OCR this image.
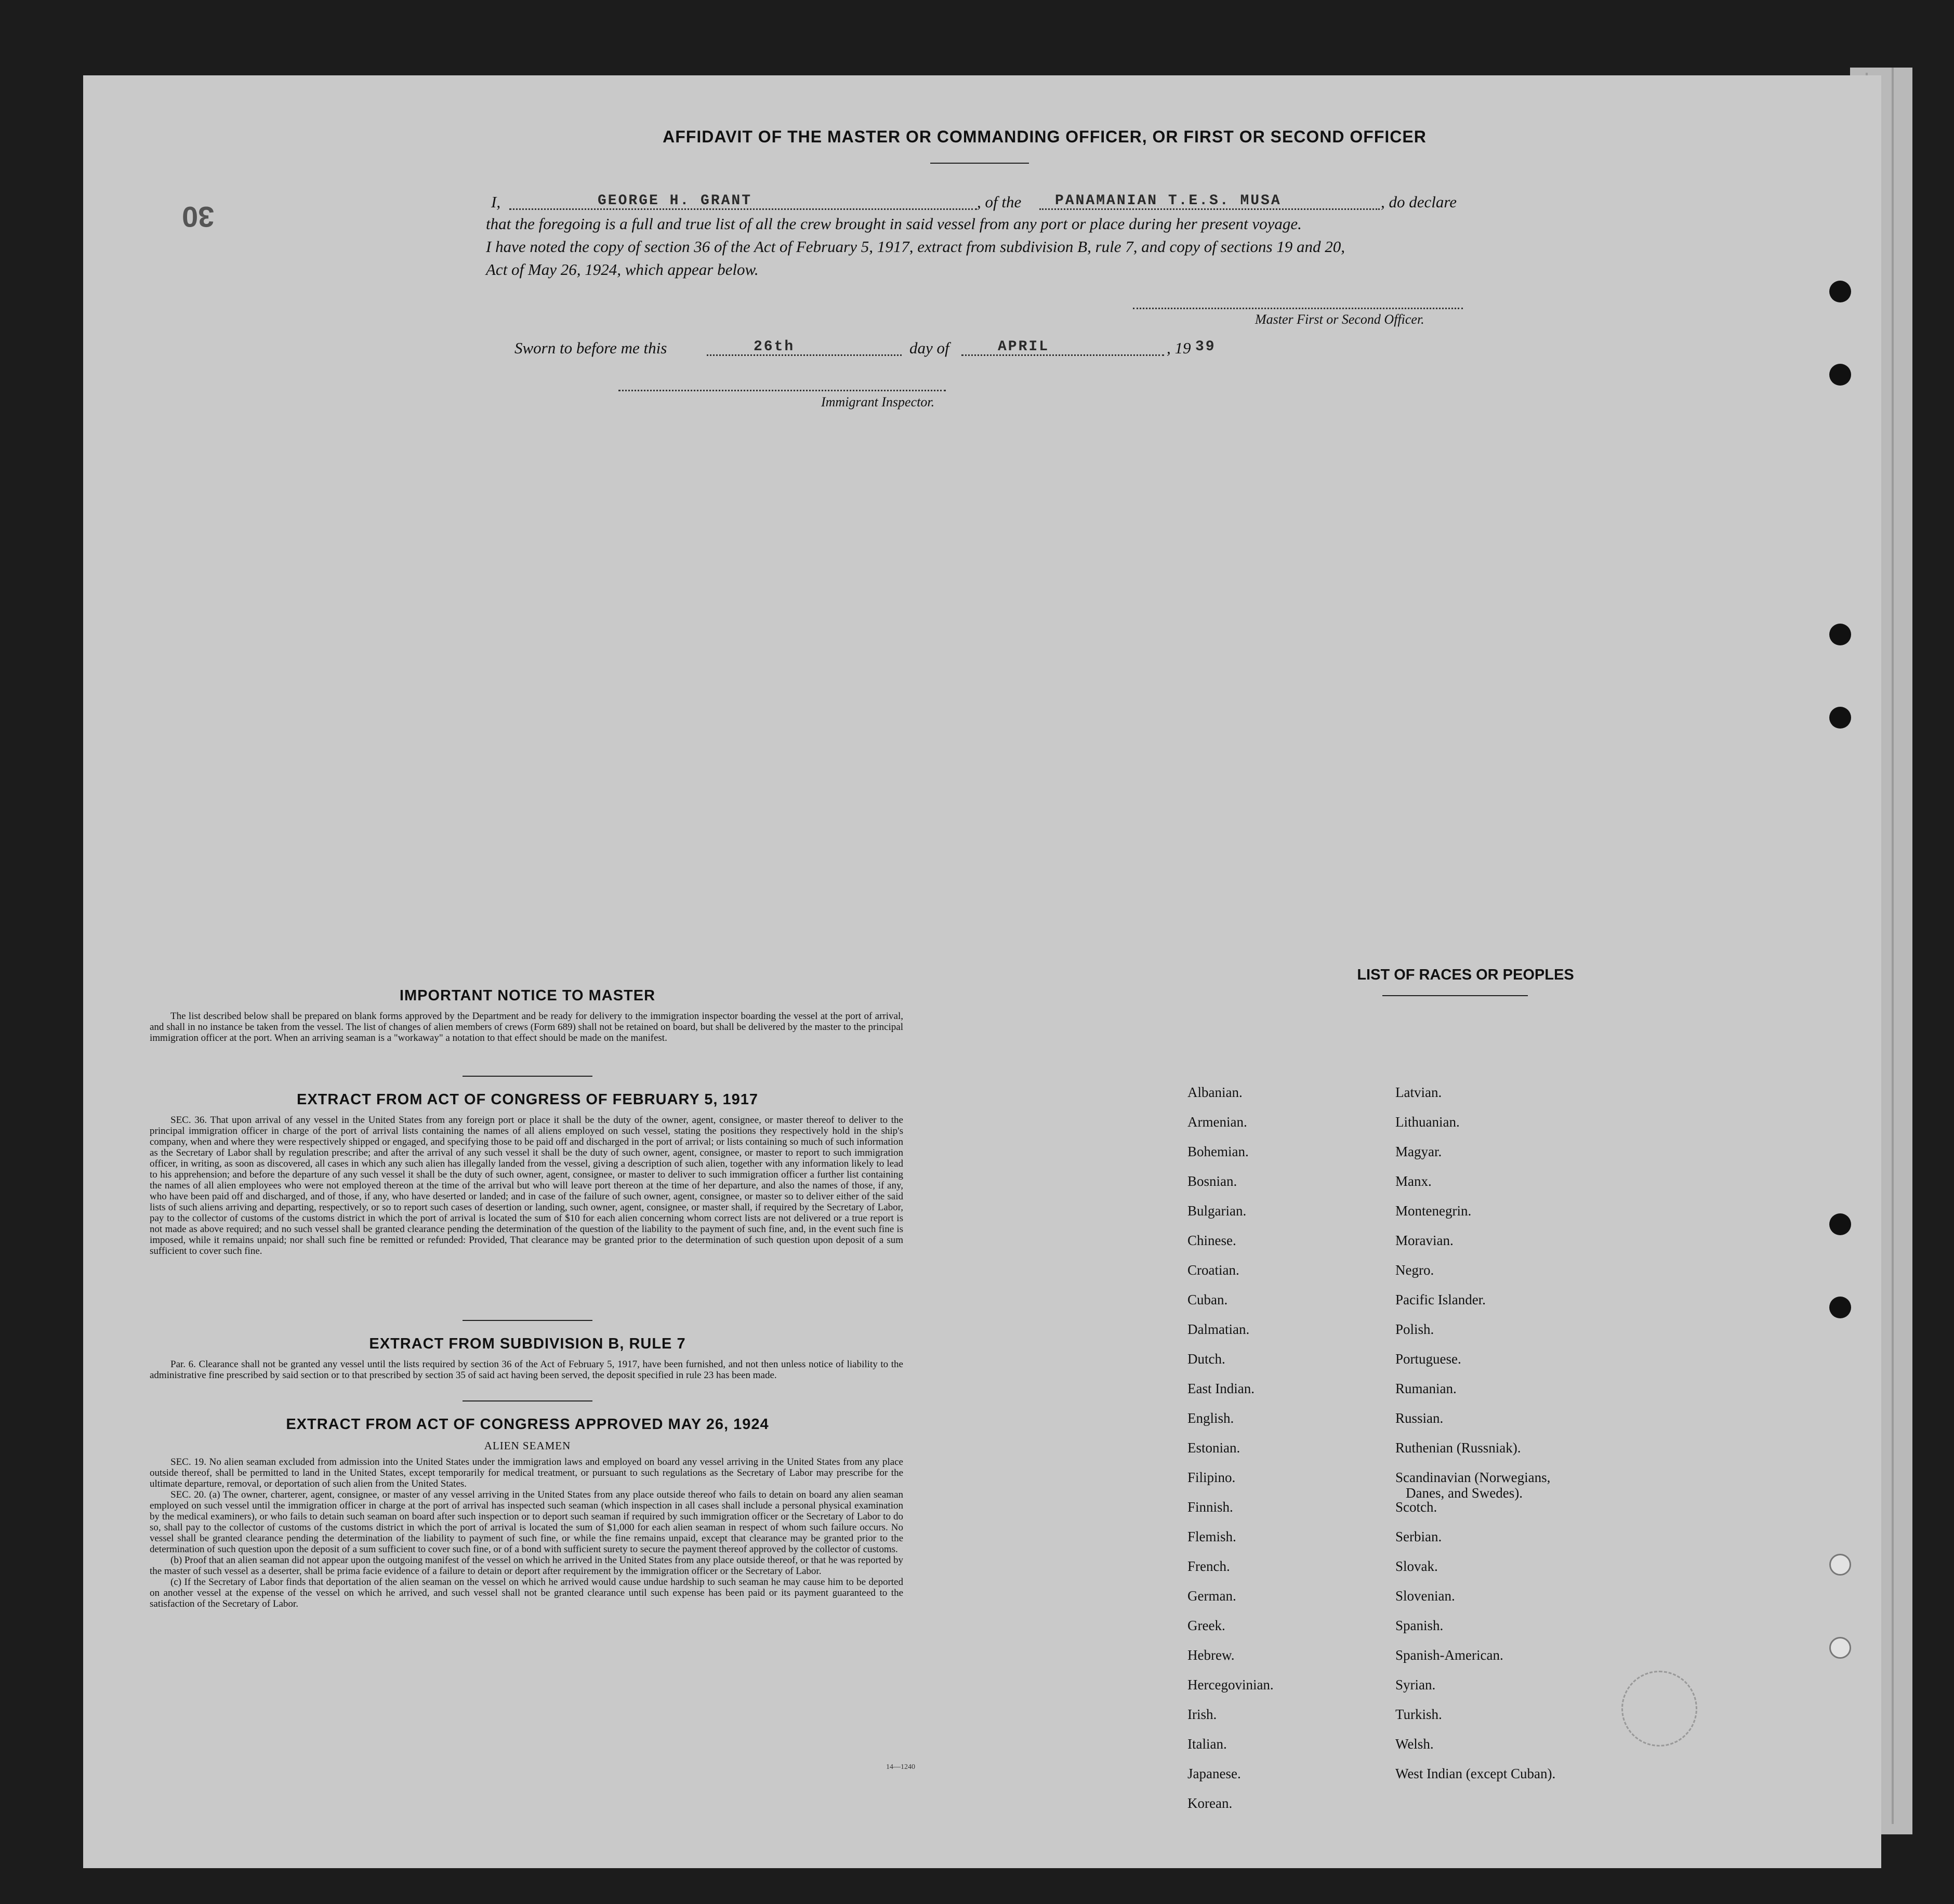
30
AFFIDAVIT OF THE MASTER OR COMMANDING OFFICER, OR FIRST OR SECOND OFFICER
I,	GEORGE H. GRANT	, of the PANAMANIAN T.E.S. MUSA	, do declare
that the foregoing is a full and true list of all the crew brought in said vessel from any port or place during her present voyage.
I have noted the copy of section 36 of the Act of February 5, 1917, extract from subdivision B, rule 7, and copy of sections 19 and 20,
Act of May 26, 1924, which appear below.
Master First or Second Officer.
Sworn to before me this	26th	day of	APRIL	, 19 39
Immigrant Inspector.
IMPORTANT NOTICE TO MASTER

The list described below shall be prepared on blank forms approved by the Department and be ready for delivery to the immigration inspector boarding the vessel at the port of arrival, and shall in no instance be taken from the vessel. The list of changes of alien members of crews (Form 689) shall not be retained on board, but shall be delivered by the master to the principal immigration officer at the port. When an arriving seaman is a "workaway" a notation to that effect should be made on the manifest.

EXTRACT FROM ACT OF CONGRESS OF FEBRUARY 5, 1917

SEC. 36. That upon arrival of any vessel in the United States from any foreign port or place it shall be the duty of the owner, agent, consignee, or master thereof to deliver to the principal immigration officer in charge of the port of arrival lists containing the names of all aliens employed on such vessel, stating the positions they respectively hold in the ship's company, when and where they were respectively shipped or engaged, and specifying those to be paid off and discharged in the port of arrival; or lists containing so much of such information as the Secretary of Labor shall by regulation prescribe; and after the arrival of any such vessel it shall be the duty of such owner, agent, consignee, or master to report to such immigration officer, in writing, as soon as discovered, all cases in which any such alien has illegally landed from the vessel, giving a description of such alien, together with any information likely to lead to his apprehension; and before the departure of any such vessel it shall be the duty of such owner, agent, consignee, or master to deliver to such immigration officer a further list containing the names of all alien employees who were not employed thereon at the time of the arrival but who will leave port thereon at the time of her departure, and also the names of those, if any, who have been paid off and discharged, and of those, if any, who have deserted or landed; and in case of the failure of such owner, agent, consignee, or master so to deliver either of the said lists of such aliens arriving and departing, respectively, or so to report such cases of desertion or landing, such owner, agent, consignee, or master shall, if required by the Secretary of Labor, pay to the collector of customs of the customs district in which the port of arrival is located the sum of $10 for each alien concerning whom correct lists are not delivered or a true report is not made as above required; and no such vessel shall be granted clearance pending the determination of the question of the liability to the payment of such fine, and, in the event such fine is imposed, while it remains unpaid; nor shall such fine be remitted or refunded: Provided, That clearance may be granted prior to the determination of such question upon deposit of a sum sufficient to cover such fine.

EXTRACT FROM SUBDIVISION B, RULE 7

Par. 6. Clearance shall not be granted any vessel until the lists required by section 36 of the Act of February 5, 1917, have been furnished, and not then unless notice of liability to the administrative fine prescribed by said section or to that prescribed by section 35 of said act having been served, the deposit specified in rule 23 has been made.

EXTRACT FROM ACT OF CONGRESS APPROVED MAY 26, 1924
ALIEN SEAMEN

SEC. 19. No alien seaman excluded from admission into the United States under the immigration laws and employed on board any vessel arriving in the United States from any place outside thereof, shall be permitted to land in the United States, except temporarily for medical treatment, or pursuant to such regulations as the Secretary of Labor may prescribe for the ultimate departure, removal, or deportation of such alien from the United States.

SEC. 20. (a) The owner, charterer, agent, consignee, or master of any vessel arriving in the United States from any place outside thereof who fails to detain on board any alien seaman employed on such vessel until the immigration officer in charge at the port of arrival has inspected such seaman (which inspection in all cases shall include a personal physical examination by the medical examiners), or who fails to detain such seaman on board after such inspection or to deport such seaman if required by such immigration officer or the Secretary of Labor to do so, shall pay to the collector of customs of the customs district in which the port of arrival is located the sum of $1,000 for each alien seaman in respect of whom such failure occurs. No vessel shall be granted clearance pending the determination of the liability to payment of such fine, or while the fine remains unpaid, except that clearance may be granted prior to the determination of such question upon the deposit of a sum sufficient to cover such fine, or of a bond with sufficient surety to secure the payment thereof approved by the collector of customs.

(b) Proof that an alien seaman did not appear upon the outgoing manifest of the vessel on which he arrived in the United States from any place outside thereof, or that he was reported by the master of such vessel as a deserter, shall be prima facie evidence of a failure to detain or deport after requirement by the immigration officer or the Secretary of Labor.

(c) If the Secretary of Labor finds that deportation of the alien seaman on the vessel on which he arrived would cause undue hardship to such seaman he may cause him to be deported on another vessel at the expense of the vessel on which he arrived, and such vessel shall not be granted clearance until such expense has been paid or its payment guaranteed to the satisfaction of the Secretary of Labor.

14—1240
LIST OF RACES OR PEOPLES
Albanian.
Armenian.
Bohemian.
Bosnian.
Bulgarian.
Chinese.
Croatian.
Cuban.
Dalmatian.
Dutch.
East Indian.
English.
Estonian.
Filipino.
Finnish.
Flemish.
French.
German.
Greek.
Hebrew.
Hercegovinian.
Irish.
Italian.
Japanese.
Korean.
Latvian.
Lithuanian.
Magyar.
Manx.
Montenegrin.
Moravian.
Negro.
Pacific Islander.
Polish.
Portuguese.
Rumanian.
Russian.
Ruthenian (Russniak).
Scandinavian (Norwegians,
Danes, and Swedes).
Scotch.
Serbian.
Slovak.
Slovenian.
Spanish.
Spanish-American.
Syrian.
Turkish.
Welsh.
West Indian (except Cuban).
